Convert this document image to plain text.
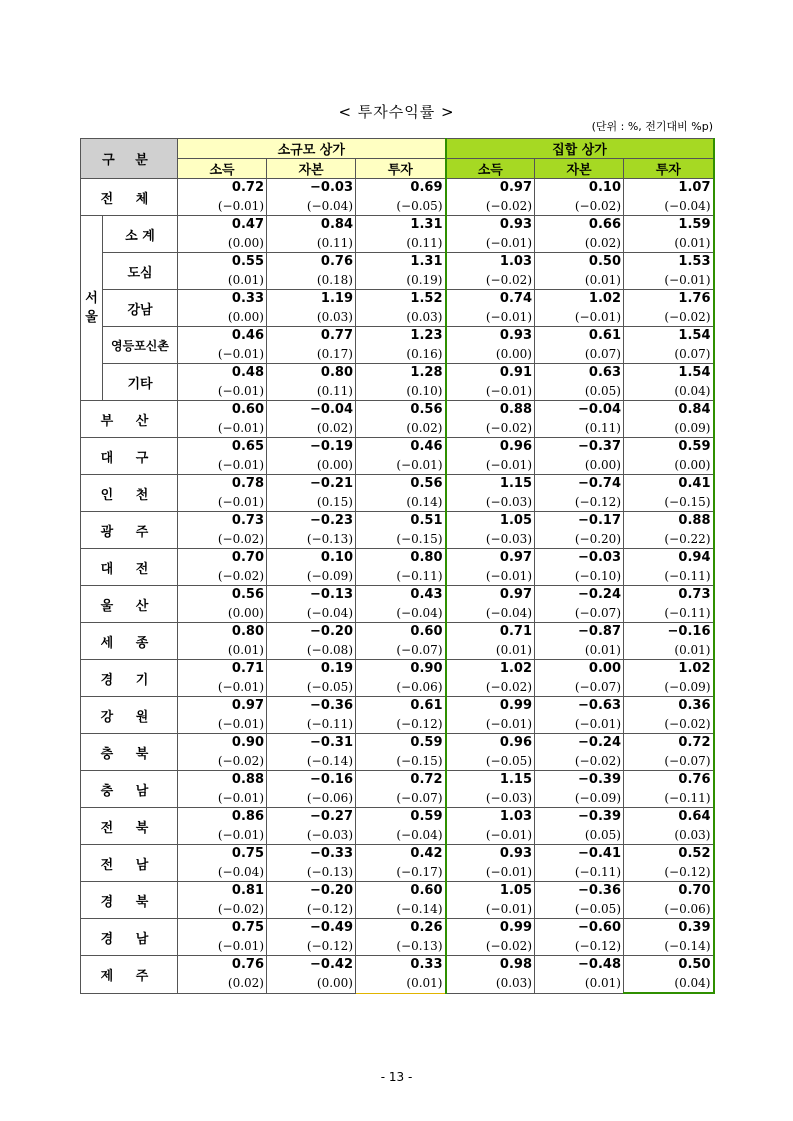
< 투자수익률 >
(단위 : %, 전기대비 %p)
구 분		소규모 상가			집합 상가		
		소득	자본	투자	소득	자본	투자
전 체		0.72	−0.03	0.69	0.97	0.10	1.07
		(−0.01)	(−0.04)	(−0.05)	(−0.02)	(−0.02)	(−0.04)
서
울	소 계	0.47	0.84	1.31	0.93	0.66	1.59
		(0.00)	(0.11)	(0.11)	(−0.01)	(0.02)	(0.01)
	도심	0.55	0.76	1.31	1.03	0.50	1.53
		(0.01)	(0.18)	(0.19)	(−0.02)	(0.01)	(−0.01)
	강남	0.33	1.19	1.52	0.74	1.02	1.76
		(0.00)	(0.03)	(0.03)	(−0.01)	(−0.01)	(−0.02)
	영등포신촌	0.46	0.77	1.23	0.93	0.61	1.54
		(−0.01)	(0.17)	(0.16)	(0.00)	(0.07)	(0.07)
	기타	0.48	0.80	1.28	0.91	0.63	1.54
		(−0.01)	(0.11)	(0.10)	(−0.01)	(0.05)	(0.04)
부 산		0.60	−0.04	0.56	0.88	−0.04	0.84
		(−0.01)	(0.02)	(0.02)	(−0.02)	(0.11)	(0.09)
대 구		0.65	−0.19	0.46	0.96	−0.37	0.59
		(−0.01)	(0.00)	(−0.01)	(−0.01)	(0.00)	(0.00)
인 천		0.78	−0.21	0.56	1.15	−0.74	0.41
		(−0.01)	(0.15)	(0.14)	(−0.03)	(−0.12)	(−0.15)
광 주		0.73	−0.23	0.51	1.05	−0.17	0.88
		(−0.02)	(−0.13)	(−0.15)	(−0.03)	(−0.20)	(−0.22)
대 전		0.70	0.10	0.80	0.97	−0.03	0.94
		(−0.02)	(−0.09)	(−0.11)	(−0.01)	(−0.10)	(−0.11)
울 산		0.56	−0.13	0.43	0.97	−0.24	0.73
		(0.00)	(−0.04)	(−0.04)	(−0.04)	(−0.07)	(−0.11)
세 종		0.80	−0.20	0.60	0.71	−0.87	−0.16
		(0.01)	(−0.08)	(−0.07)	(0.01)	(0.01)	(0.01)
경 기		0.71	0.19	0.90	1.02	0.00	1.02
		(−0.01)	(−0.05)	(−0.06)	(−0.02)	(−0.07)	(−0.09)
강 원		0.97	−0.36	0.61	0.99	−0.63	0.36
		(−0.01)	(−0.11)	(−0.12)	(−0.01)	(−0.01)	(−0.02)
충 북		0.90	−0.31	0.59	0.96	−0.24	0.72
		(−0.02)	(−0.14)	(−0.15)	(−0.05)	(−0.02)	(−0.07)
충 남		0.88	−0.16	0.72	1.15	−0.39	0.76
		(−0.01)	(−0.06)	(−0.07)	(−0.03)	(−0.09)	(−0.11)
전 북		0.86	−0.27	0.59	1.03	−0.39	0.64
		(−0.01)	(−0.03)	(−0.04)	(−0.01)	(0.05)	(0.03)
전 남		0.75	−0.33	0.42	0.93	−0.41	0.52
		(−0.04)	(−0.13)	(−0.17)	(−0.01)	(−0.11)	(−0.12)
경 북		0.81	−0.20	0.60	1.05	−0.36	0.70
		(−0.02)	(−0.12)	(−0.14)	(−0.01)	(−0.05)	(−0.06)
경 남		0.75	−0.49	0.26	0.99	−0.60	0.39
		(−0.01)	(−0.12)	(−0.13)	(−0.02)	(−0.12)	(−0.14)
제 주		0.76	−0.42	0.33	0.98	−0.48	0.50
		(0.02)	(0.00)	(0.01)	(0.03)	(0.01)	(0.04)
- 13 -
